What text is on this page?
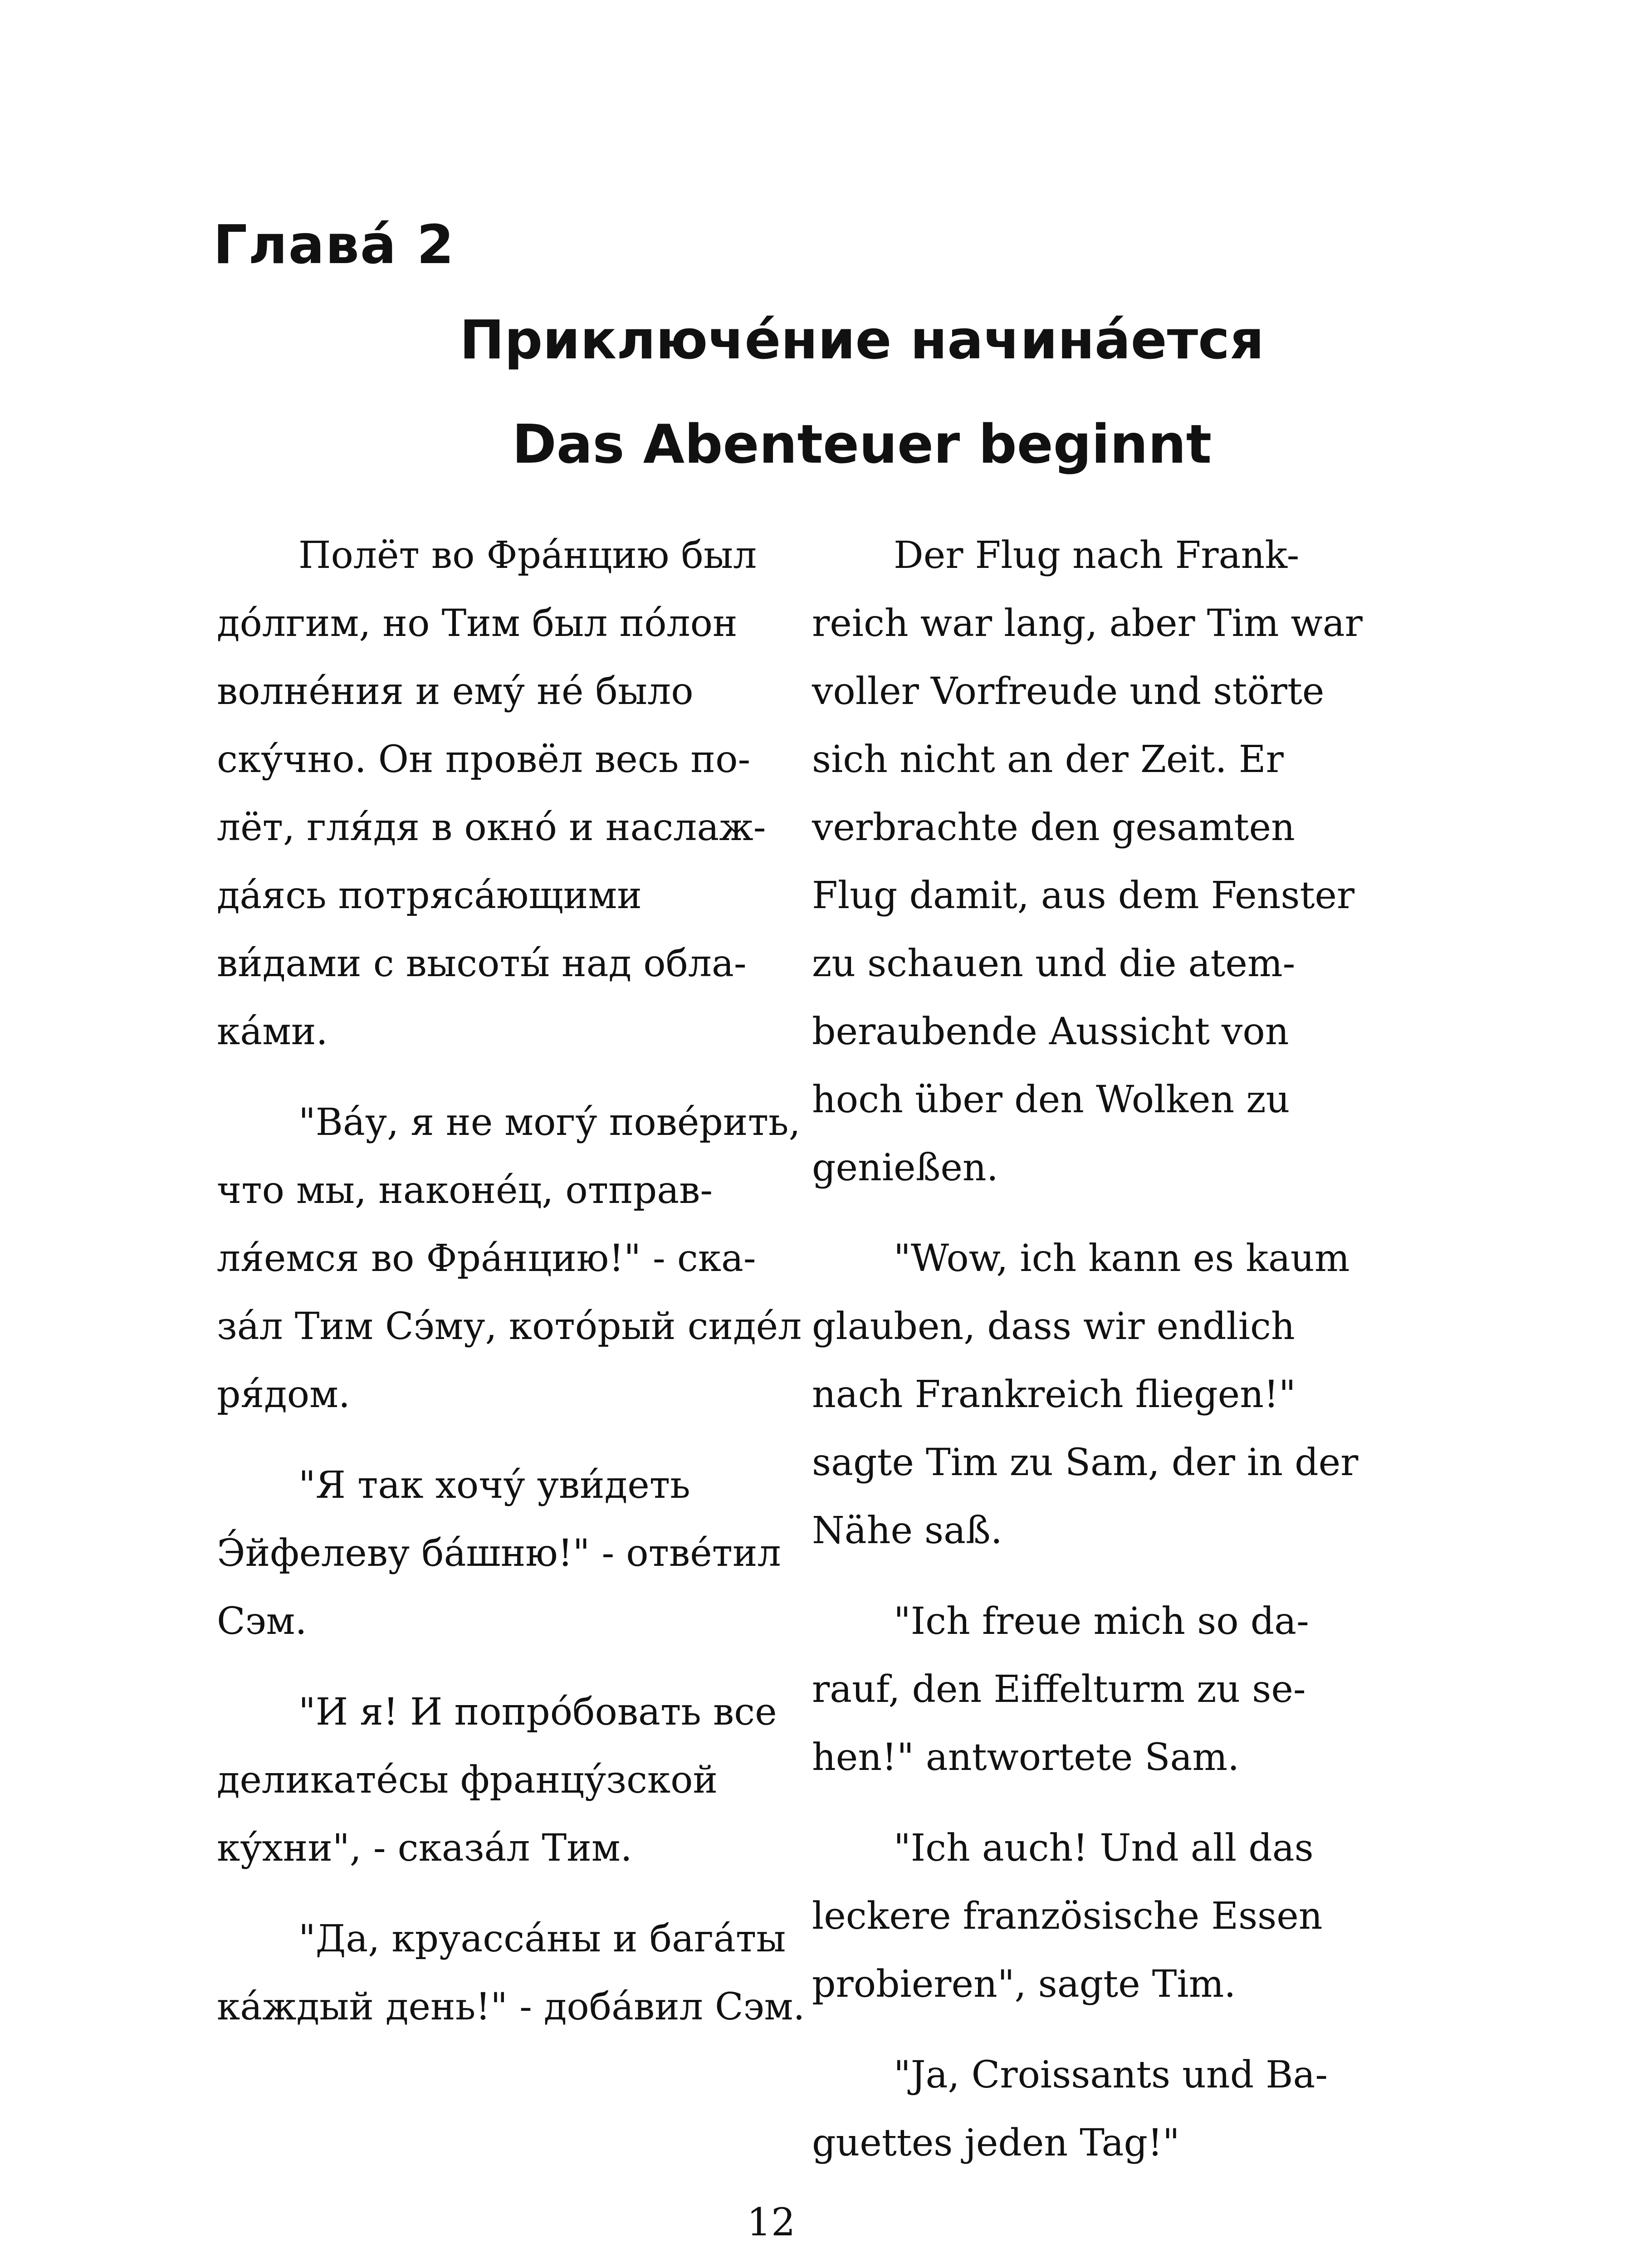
Глава́ 2
Приключе́ние начина́ется
Das Abenteuer beginnt
Полёт во Фра́нцию был
до́лгим, но Тим был по́лон
волне́ния и ему́ не́ было
ску́чно. Он провёл весь по-
лёт, гля́дя в окно́ и наслаж-
да́ясь потряса́ющими
ви́дами с высоты́ над обла-
ка́ми.
"Ва́у, я не могу́ пове́рить,
что мы, наконе́ц, отправ-
ля́емся во Фра́нцию!" - ска-
за́л Тим Сэ́му, кото́рый сиде́л
ря́дом.
"Я так хочу́ уви́деть
Э́йфелеву ба́шню!" - отве́тил
Сэм.
"И я! И попро́бовать все
деликате́сы францу́зской
ку́хни", - сказа́л Тим.
"Да, круасса́ны и бага́ты
ка́ждый день!" - доба́вил Сэм.
Der Flug nach Frank-
reich war lang, aber Tim war
voller Vorfreude und störte
sich nicht an der Zeit. Er
verbrachte den gesamten
Flug damit, aus dem Fenster
zu schauen und die atem-
beraubende Aussicht von
hoch über den Wolken zu
genießen.
"Wow, ich kann es kaum
glauben, dass wir endlich
nach Frankreich fliegen!"
sagte Tim zu Sam, der in der
Nähe saß.
"Ich freue mich so da-
rauf, den Eiffelturm zu se-
hen!" antwortete Sam.
"Ich auch! Und all das
leckere französische Essen
probieren", sagte Tim.
"Ja, Croissants und Ba-
guettes jeden Tag!"
12
